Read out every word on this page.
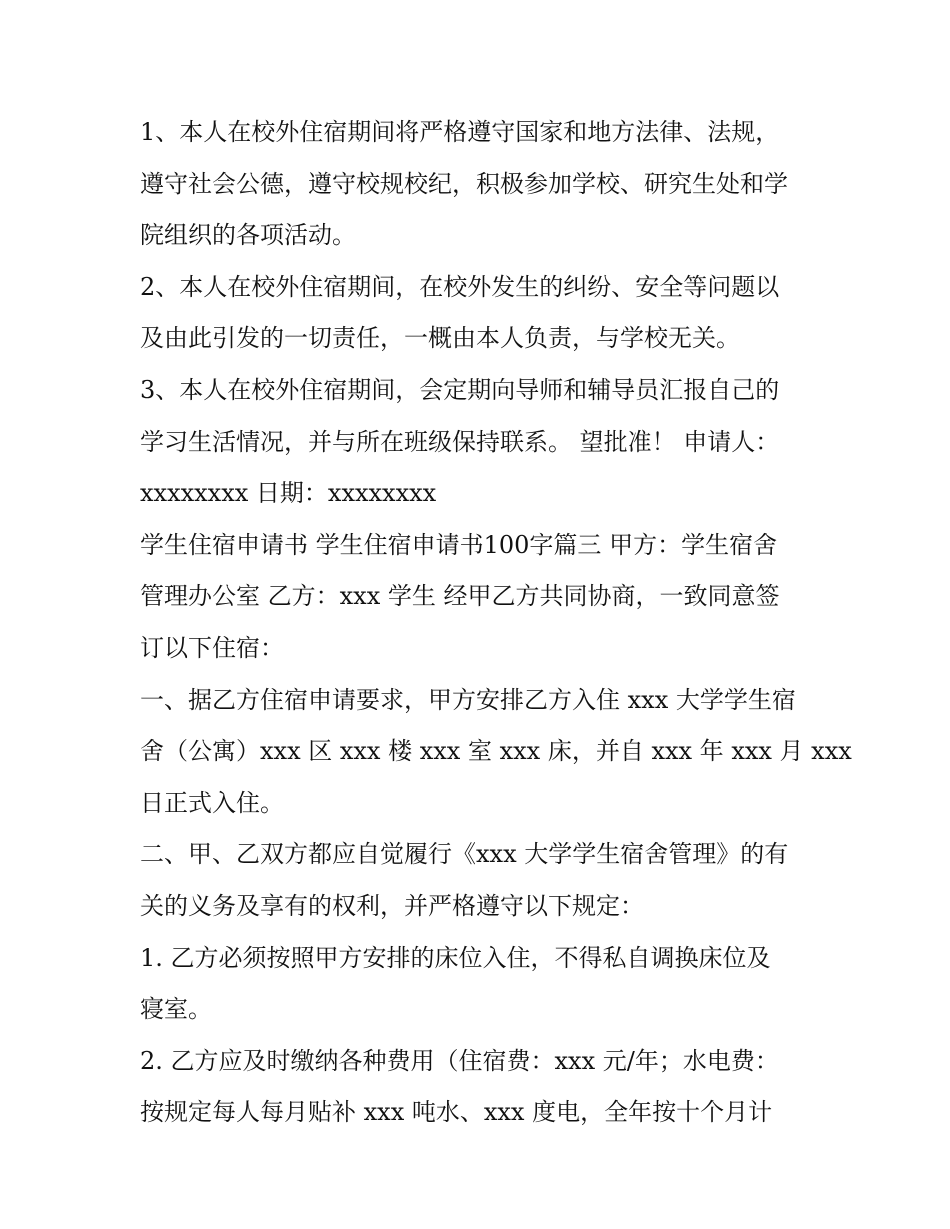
1、本人在校外住宿期间将严格遵守国家和地方法律、法规，
遵守社会公德，遵守校规校纪，积极参加学校、研究生处和学
院组织的各项活动。
2、本人在校外住宿期间，在校外发生的纠纷、安全等问题以
及由此引发的一切责任，一概由本人负责，与学校无关。
3、本人在校外住宿期间，会定期向导师和辅导员汇报自己的
学习生活情况，并与所在班级保持联系。 望批准！ 申请人：
xxxxxxxx 日期：xxxxxxxx
学生住宿申请书 学生住宿申请书100字篇三 甲方：学生宿舍
管理办公室 乙方：xxx 学生 经甲乙方共同协商，一致同意签
订以下住宿：
一、据乙方住宿申请要求，甲方安排乙方入住 xxx 大学学生宿
舍（公寓）xxx 区 xxx 楼 xxx 室 xxx 床，并自 xxx 年 xxx 月 xxx
日正式入住。
二、甲、乙双方都应自觉履行《xxx 大学学生宿舍管理》的有
关的义务及享有的权利，并严格遵守以下规定：
1. 乙方必须按照甲方安排的床位入住，不得私自调换床位及
寝室。
2. 乙方应及时缴纳各种费用（住宿费：xxx 元/年；水电费：
按规定每人每月贴补 xxx 吨水、xxx 度电，全年按十个月计
